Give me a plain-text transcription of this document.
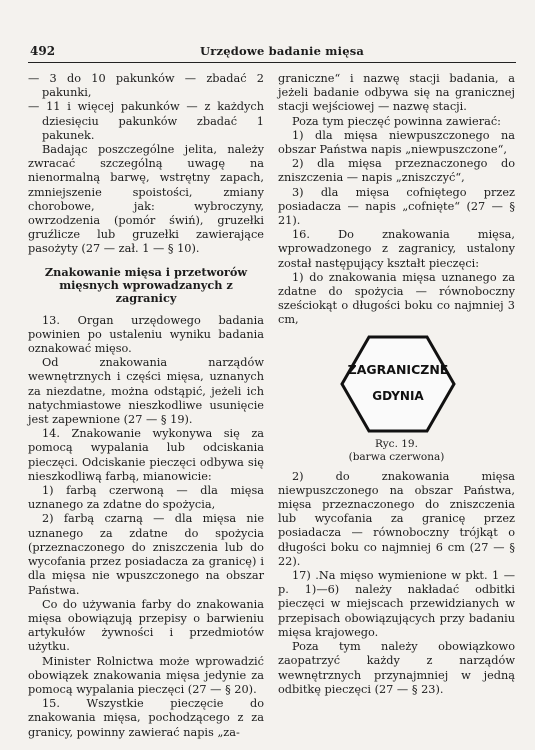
492	Urzędowe badanie mięsa

— 3 do 10 pakunków — zbadać 2 pakunki,

— 11 i więcej pakunków — z każdych dziesięciu pakunków zbadać 1 pakunek.

Badając poszczególne jelita, należy zwracać szczególną uwagę na nienormalną barwę, wstrętny zapach, zmniejszenie spoistości, zmiany chorobowe, jak: wybroczyny, owrzodzenia (pomór świń), gruzełki gruźlicze lub gruzełki zawierające pasożyty (27 — zał. 1 — § 10).

Znakowanie mięsa i przetworów mięsnych wprowadzanych z zagranicy

13. Organ urzędowego badania powinien po ustaleniu wyniku badania oznakować mięso.

Od znakowania narządów wewnętrznych i części mięsa, uznanych za niezdatne, można odstąpić, jeżeli ich natychmiastowe nieszkodliwe usunięcie jest zapewnione (27 — § 19).

14. Znakowanie wykonywa się za pomocą wypalania lub odciskania pieczęci. Odciskanie pieczęci odbywa się nieszkodliwą farbą, mianowicie:

1) farbą czerwoną — dla mięsa uznanego za zdatne do spożycia,

2) farbą czarną — dla mięsa nie uznanego za zdatne do spożycia (przeznaczonego do zniszczenia lub do wycofania przez posiadacza za granicę) i dla mięsa nie wpuszczonego na obszar Państwa.

Co do używania farby do znakowania mięsa obowiązują przepisy o barwieniu artykułów żywności i przedmiotów użytku.

Minister Rolnictwa może wprowadzić obowiązek znakowania mięsa jedynie za pomocą wypalania pieczęci (27 — § 20).

15. Wszystkie pieczęcie do znakowania mięsa, pochodzącego z za granicy, powinny zawierać napis „za-

graniczne“ i nazwę stacji badania, a jeżeli badanie odbywa się na granicznej stacji wejściowej — nazwę stacji.

Poza tym pieczęć powinna zawierać:

1) dla mięsa niewpuszczonego na obszar Państwa napis „niewpuszczone“,

2) dla mięsa przeznaczonego do zniszczenia — napis „zniszczyć“,

3) dla mięsa cofniętego przez posiadacza — napis „cofnięte“ (27 — § 21).

16. Do znakowania mięsa, wprowadzonego z zagranicy, ustalony został następujący kształt pieczęci:

1) do znakowania mięsa uznanego za zdatne do spożycia — równoboczny sześciokąt o długości boku co najmniej 3 cm,

ZAGRANICZNE
GDYNIA
Ryc. 19.
(barwa czerwona)

2) do znakowania mięsa niewpuszczonego na obszar Państwa, mięsa przeznaczonego do zniszczenia lub wycofania za granicę przez posiadacza — równoboczny trójkąt o długości boku co najmniej 6 cm (27 — § 22).

17) .Na mięso wymienione w pkt. 1 — p. 1)—6) należy nakładać odbitki pieczęci w miejscach przewidzianych w przepisach obowiązujących przy badaniu mięsa krajowego.

Poza tym należy obowiązkowo zaopatrzyć każdy z narządów wewnętrznych przynajmniej w jedną odbitkę pieczęci (27 — § 23).
